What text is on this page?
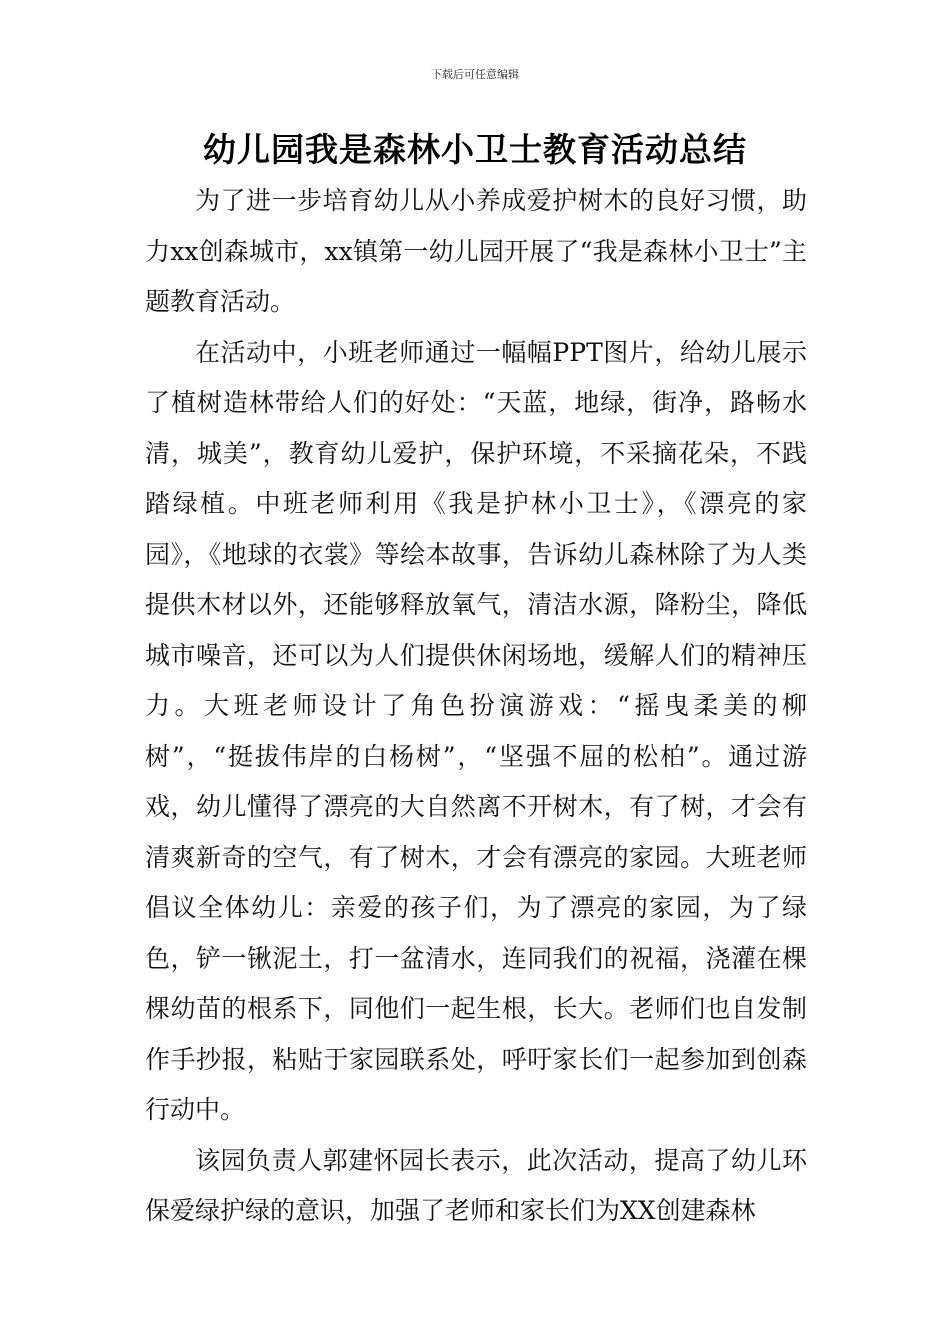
下载后可任意编辑
幼儿园我是森林小卫士教育活动总结

为了进一步培育幼儿从小养成爱护树木的良好习惯，助力xx创森城市，xx镇第一幼儿园开展了“我是森林小卫士”主题教育活动。

在活动中，小班老师通过一幅幅PPT图片，给幼儿展示了植树造林带给人们的好处：“天蓝，地绿，街净，路畅水清，城美”，教育幼儿爱护，保护环境，不采摘花朵，不践踏绿植。中班老师利用《我是护林小卫士》，《漂亮的家园》，《地球的衣裳》等绘本故事，告诉幼儿森林除了为人类提供木材以外，还能够释放氧气，清洁水源，降粉尘，降低城市噪音，还可以为人们提供休闲场地，缓解人们的精神压力。大班老师设计了角色扮演游戏：“摇曳柔美的柳树”，“挺拔伟岸的白杨树”，“坚强不屈的松柏”。通过游戏，幼儿懂得了漂亮的大自然离不开树木，有了树，才会有清爽新奇的空气，有了树木，才会有漂亮的家园。大班老师倡议全体幼儿：亲爱的孩子们，为了漂亮的家园，为了绿色，铲一锹泥土，打一盆清水，连同我们的祝福，浇灌在棵棵幼苗的根系下，同他们一起生根，长大。老师们也自发制作手抄报，粘贴于家园联系处，呼吁家长们一起参加到创森行动中。

该园负责人郭建怀园长表示，此次活动，提高了幼儿环保爱绿护绿的意识，加强了老师和家长们为XX创建森林
